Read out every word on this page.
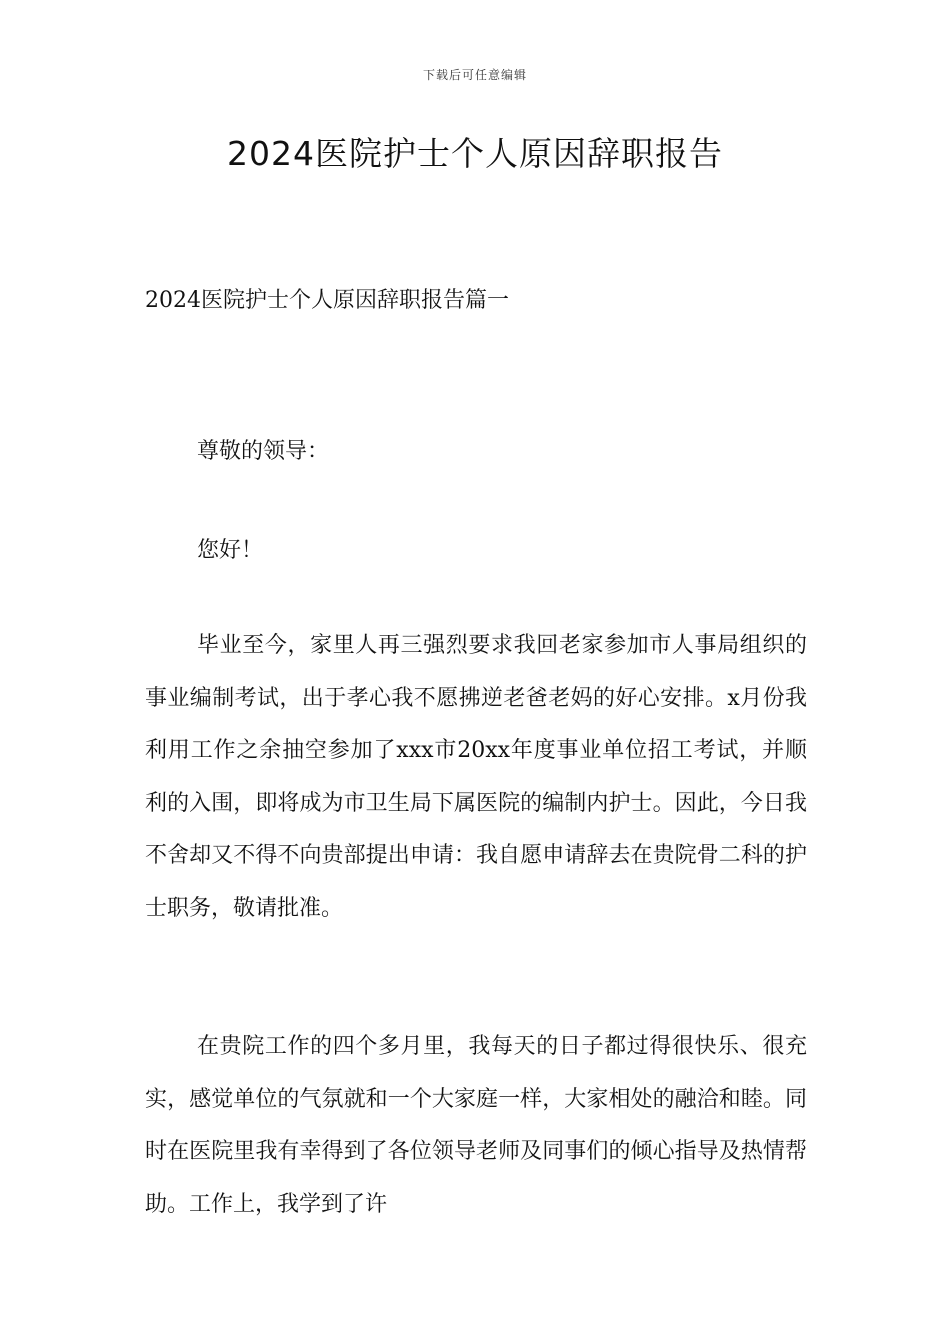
下载后可任意编辑
2024医院护士个人原因辞职报告
2024医院护士个人原因辞职报告篇一
尊敬的领导：
您好！

毕业至今，家里人再三强烈要求我回老家参加市人事局组织的事业编制考试，出于孝心我不愿拂逆老爸老妈的好心安排。x月份我利用工作之余抽空参加了xxx市20xx年度事业单位招工考试，并顺利的入围，即将成为市卫生局下属医院的编制内护士。因此，今日我不舍却又不得不向贵部提出申请：我自愿申请辞去在贵院骨二科的护士职务，敬请批准。

在贵院工作的四个多月里，我每天的日子都过得很快乐、很充实，感觉单位的气氛就和一个大家庭一样，大家相处的融洽和睦。同时在医院里我有幸得到了各位领导老师及同事们的倾心指导及热情帮助。工作上，我学到了许
